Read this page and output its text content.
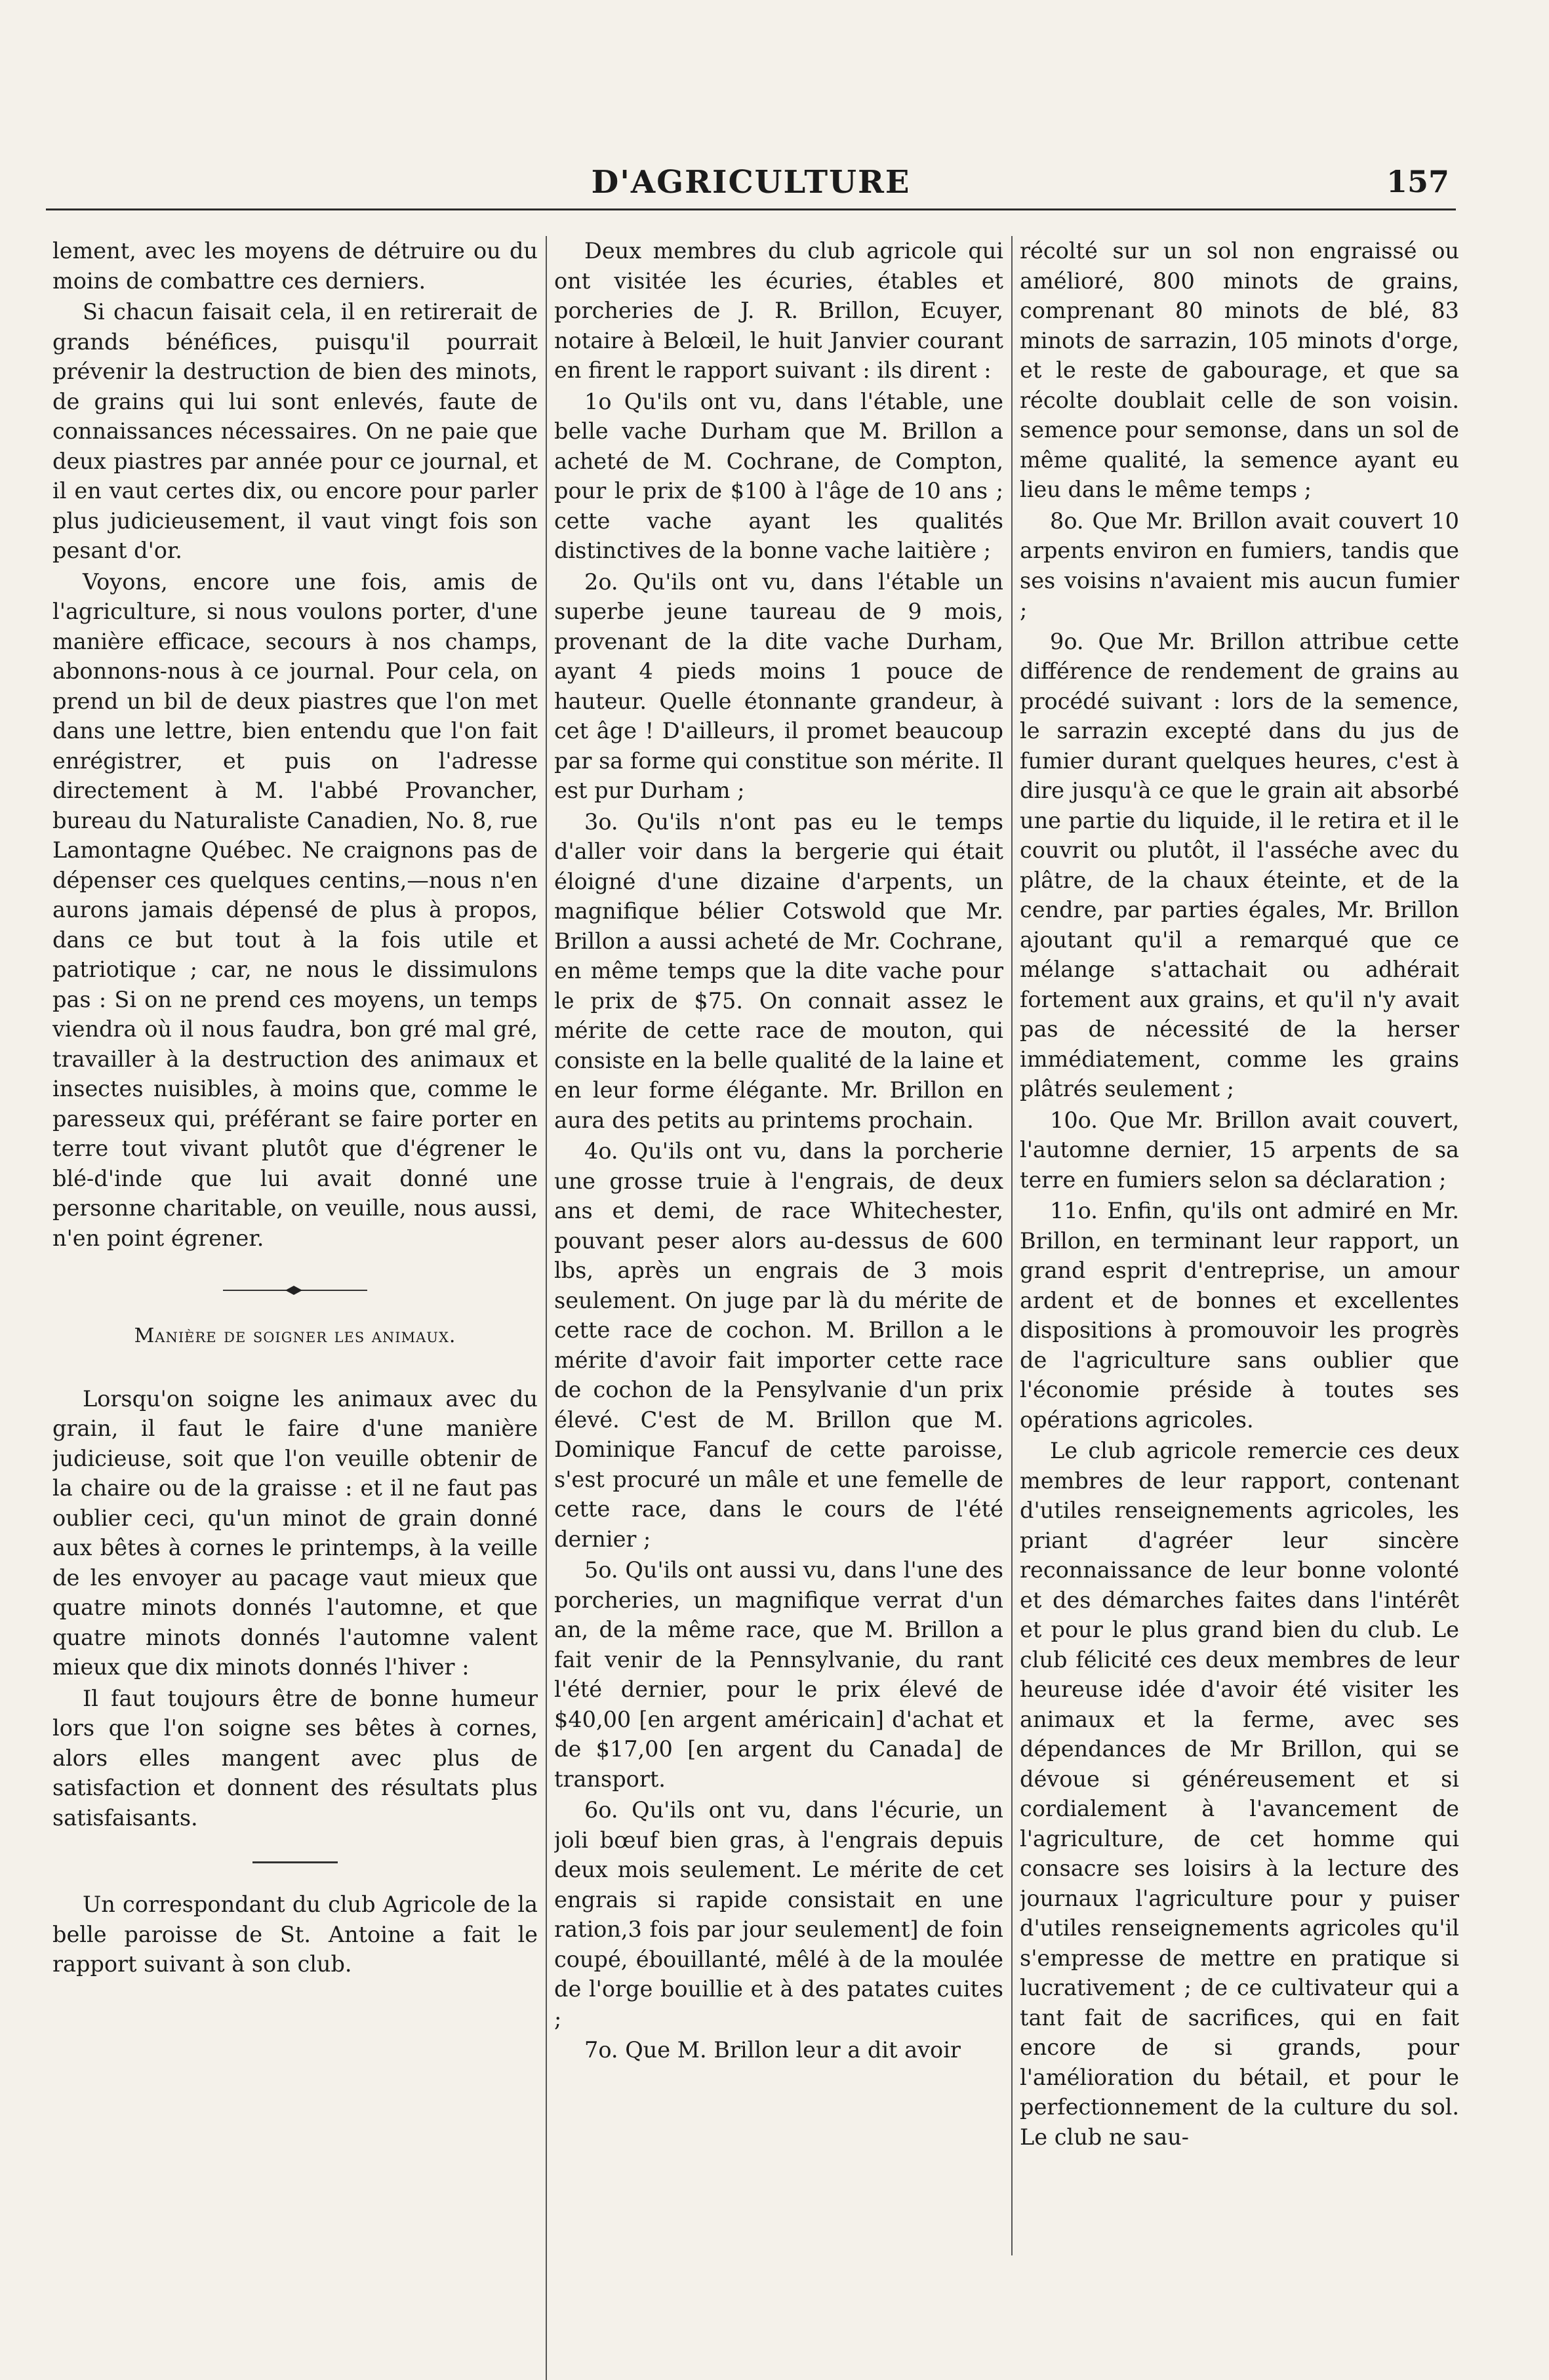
D'AGRICULTURE	157

lement, avec les moyens de détruire ou du moins de combattre ces derniers.

Si chacun faisait cela, il en retirerait de grands bénéfices, puisqu'il pourrait prévenir la destruction de bien des minots, de grains qui lui sont enlevés, faute de connaissances nécessaires. On ne paie que deux piastres par année pour ce journal, et il en vaut certes dix, ou encore pour parler plus judicieusement, il vaut vingt fois son pesant d'or.

Voyons, encore une fois, amis de l'agriculture, si nous voulons porter, d'une manière efficace, secours à nos champs, abonnons-nous à ce journal. Pour cela, on prend un bil de deux piastres que l'on met dans une lettre, bien entendu que l'on fait enrégistrer, et puis on l'adresse directement à M. l'abbé Provancher, bureau du Naturaliste Canadien, No. 8, rue Lamontagne Québec. Ne craignons pas de dépenser ces quelques centins,—nous n'en aurons jamais dépensé de plus à propos, dans ce but tout à la fois utile et patriotique ; car, ne nous le dissimulons pas : Si on ne prend ces moyens, un temps viendra où il nous faudra, bon gré mal gré, travailler à la destruction des animaux et insectes nuisibles, à moins que, comme le paresseux qui, préférant se faire porter en terre tout vivant plutôt que d'égrener le blé-d'inde que lui avait donné une personne charitable, on veuille, nous aussi, n'en point égrener.

Manière de soigner les animaux.

Lorsqu'on soigne les animaux avec du grain, il faut le faire d'une manière judicieuse, soit que l'on veuille obtenir de la chaire ou de la graisse : et il ne faut pas oublier ceci, qu'un minot de grain donné aux bêtes à cornes le printemps, à la veille de les envoyer au pacage vaut mieux que quatre minots donnés l'automne, et que quatre minots donnés l'automne valent mieux que dix minots donnés l'hiver :

Il faut toujours être de bonne humeur lors que l'on soigne ses bêtes à cornes, alors elles mangent avec plus de satisfaction et donnent des résultats plus satisfaisants.

Un correspondant du club Agricole de la belle paroisse de St. Antoine a fait le rapport suivant à son club.

Deux membres du club agricole qui ont visitée les écuries, étables et porcheries de J. R. Brillon, Ecuyer, notaire à Belœil, le huit Janvier courant en firent le rapport suivant : ils dirent :

1o Qu'ils ont vu, dans l'étable, une belle vache Durham que M. Brillon a acheté de M. Cochrane, de Compton, pour le prix de $100 à l'âge de 10 ans ; cette vache ayant les qualités distinctives de la bonne vache laitière ;

2o. Qu'ils ont vu, dans l'étable un superbe jeune taureau de 9 mois, provenant de la dite vache Durham, ayant 4 pieds moins 1 pouce de hauteur. Quelle étonnante grandeur, à cet âge ! D'ailleurs, il promet beaucoup par sa forme qui constitue son mérite. Il est pur Durham ;

3o. Qu'ils n'ont pas eu le temps d'aller voir dans la bergerie qui était éloigné d'une dizaine d'arpents, un magnifique bélier Cotswold que Mr. Brillon a aussi acheté de Mr. Cochrane, en même temps que la dite vache pour le prix de $75. On connait assez le mérite de cette race de mouton, qui consiste en la belle qualité de la laine et en leur forme élégante. Mr. Brillon en aura des petits au printems prochain.

4o. Qu'ils ont vu, dans la porcherie une grosse truie à l'engrais, de deux ans et demi, de race Whitechester, pouvant peser alors au-dessus de 600 lbs, après un engrais de 3 mois seulement. On juge par là du mérite de cette race de cochon. M. Brillon a le mérite d'avoir fait importer cette race de cochon de la Pensylvanie d'un prix élevé. C'est de M. Brillon que M. Dominique Fancuf de cette paroisse, s'est procuré un mâle et une femelle de cette race, dans le cours de l'été dernier ;

5o. Qu'ils ont aussi vu, dans l'une des porcheries, un magnifique verrat d'un an, de la même race, que M. Brillon a fait venir de la Pennsylvanie, du rant l'été dernier, pour le prix élevé de $40,00 [en argent américain] d'achat et de $17,00 [en argent du Canada] de transport.

6o. Qu'ils ont vu, dans l'écurie, un joli bœuf bien gras, à l'engrais depuis deux mois seulement. Le mérite de cet engrais si rapide consistait en une ration,3 fois par jour seulement] de foin coupé, ébouillanté, mêlé à de la moulée de l'orge bouillie et à des patates cuites ;

7o. Que M. Brillon leur a dit avoir

récolté sur un sol non engraissé ou amélioré, 800 minots de grains, comprenant 80 minots de blé, 83 minots de sarrazin, 105 minots d'orge, et le reste de gabourage, et que sa récolte doublait celle de son voisin. semence pour semonse, dans un sol de même qualité, la semence ayant eu lieu dans le même temps ;

8o. Que Mr. Brillon avait couvert 10 arpents environ en fumiers, tandis que ses voisins n'avaient mis aucun fumier ;

9o. Que Mr. Brillon attribue cette différence de rendement de grains au procédé suivant : lors de la semence, le sarrazin excepté dans du jus de fumier durant quelques heures, c'est à dire jusqu'à ce que le grain ait absorbé une partie du liquide, il le retira et il le couvrit ou plutôt, il l'asséche avec du plâtre, de la chaux éteinte, et de la cendre, par parties égales, Mr. Brillon ajoutant qu'il a remarqué que ce mélange s'attachait ou adhérait fortement aux grains, et qu'il n'y avait pas de nécessité de la herser immédiatement, comme les grains plâtrés seulement ;

10o. Que Mr. Brillon avait couvert, l'automne dernier, 15 arpents de sa terre en fumiers selon sa déclaration ;

11o. Enfin, qu'ils ont admiré en Mr. Brillon, en terminant leur rapport, un grand esprit d'entreprise, un amour ardent et de bonnes et excellentes dispositions à promouvoir les progrès de l'agriculture sans oublier que l'économie préside à toutes ses opérations agricoles.

Le club agricole remercie ces deux membres de leur rapport, contenant d'utiles renseignements agricoles, les priant d'agréer leur sincère reconnaissance de leur bonne volonté et des démarches faites dans l'intérêt et pour le plus grand bien du club. Le club félicité ces deux membres de leur heureuse idée d'avoir été visiter les animaux et la ferme, avec ses dépendances de Mr Brillon, qui se dévoue si généreusement et si cordialement à l'avancement de l'agriculture, de cet homme qui consacre ses loisirs à la lecture des journaux l'agriculture pour y puiser d'utiles renseignements agricoles qu'il s'empresse de mettre en pratique si lucrativement ; de ce cultivateur qui a tant fait de sacrifices, qui en fait encore de si grands, pour l'amélioration du bétail, et pour le perfectionnement de la culture du sol. Le club ne sau-
